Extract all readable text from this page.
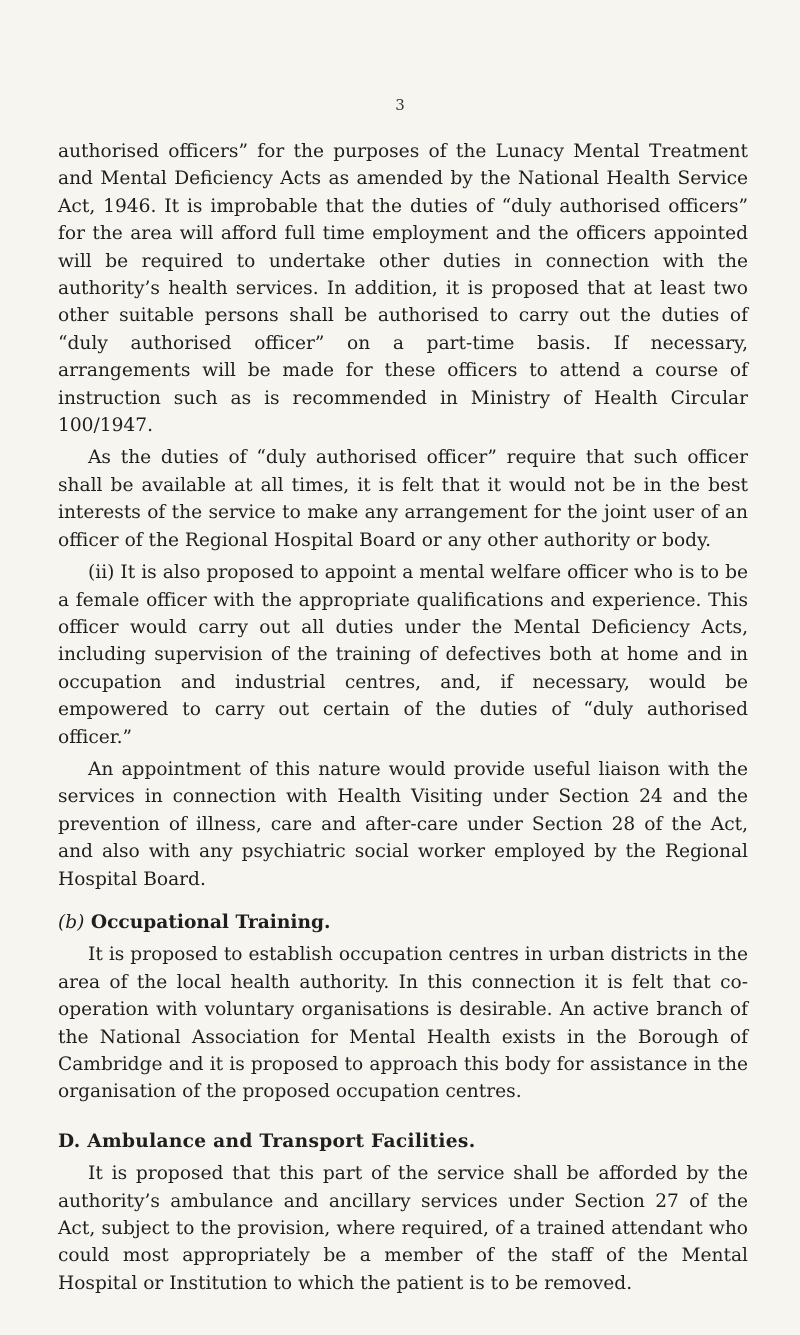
3

authorised officers” for the purposes of the Lunacy Mental Treatment and Mental Deficiency Acts as amended by the National Health Service Act, 1946. It is improbable that the duties of “duly authorised officers” for the area will afford full time employment and the officers appointed will be required to undertake other duties in connection with the authority’s health services. In addition, it is proposed that at least two other suitable persons shall be authorised to carry out the duties of “duly authorised officer” on a part-time basis. If necessary, arrangements will be made for these officers to attend a course of instruction such as is recommended in Ministry of Health Circular 100/1947.

As the duties of “duly authorised officer” require that such officer shall be available at all times, it is felt that it would not be in the best interests of the service to make any arrangement for the joint user of an officer of the Regional Hospital Board or any other authority or body.

(ii) It is also proposed to appoint a mental welfare officer who is to be a female officer with the appropriate qualifications and experience. This officer would carry out all duties under the Mental Deficiency Acts, including supervision of the training of defectives both at home and in occupation and industrial centres, and, if necessary, would be empowered to carry out certain of the duties of “duly authorised officer.”

An appointment of this nature would provide useful liaison with the services in connection with Health Visiting under Section 24 and the prevention of illness, care and after-care under Section 28 of the Act, and also with any psychiatric social worker employed by the Regional Hospital Board.

(b) Occupational Training.

It is proposed to establish occupation centres in urban districts in the area of the local health authority. In this connection it is felt that co-operation with voluntary organisations is desirable. An active branch of the National Association for Mental Health exists in the Borough of Cambridge and it is proposed to approach this body for assistance in the organisation of the proposed occupation centres.

D. Ambulance and Transport Facilities.

It is proposed that this part of the service shall be afforded by the authority’s ambulance and ancillary services under Section 27 of the Act, subject to the provision, where required, of a trained attendant who could most appropriately be a member of the staff of the Mental Hospital or Institution to which the patient is to be removed.
